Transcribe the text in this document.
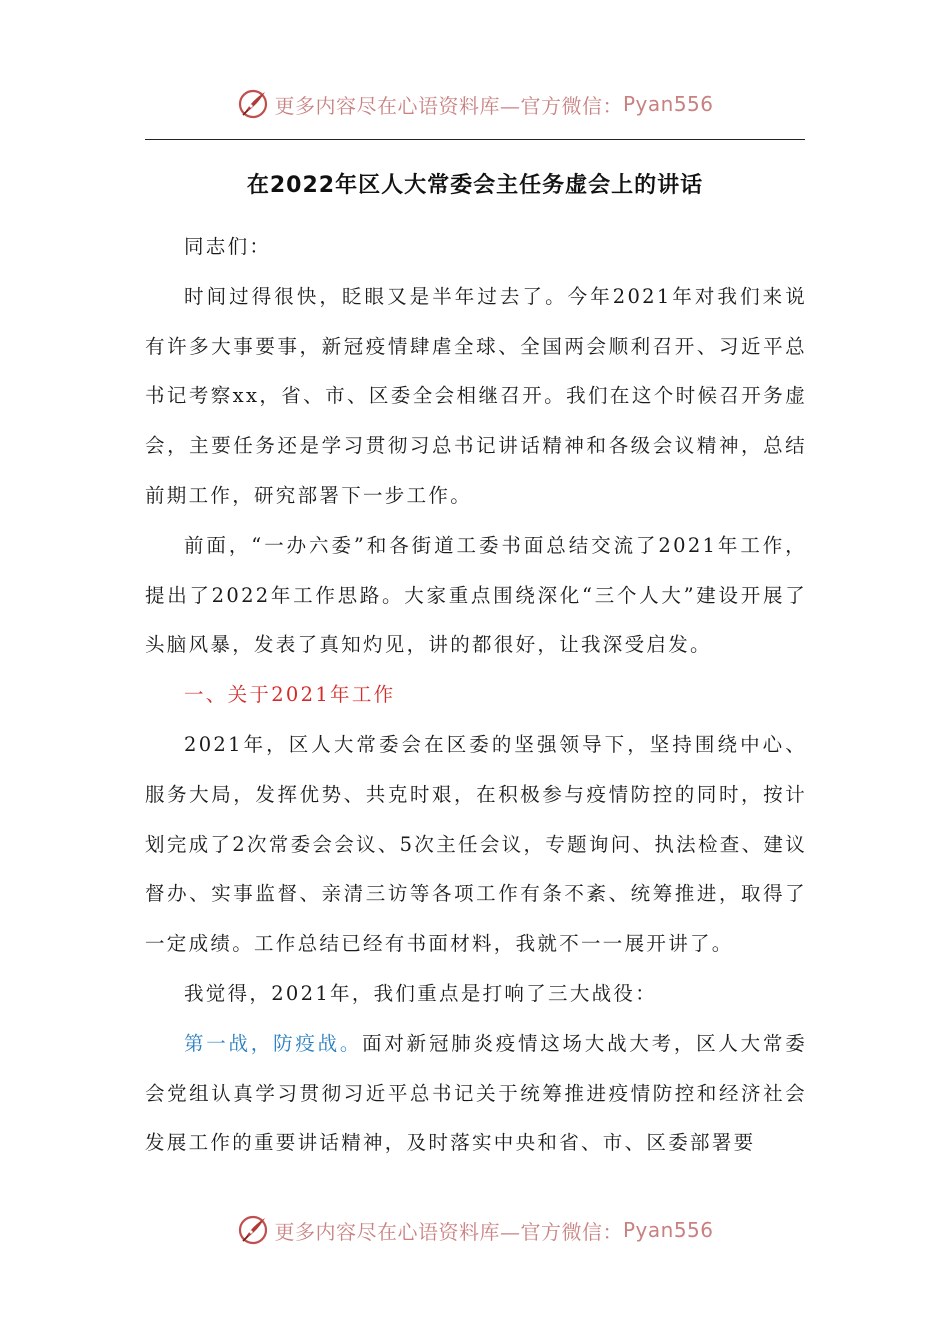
更多内容尽在心语资料库—官方微信： Pyan556
在2022年区人大常委会主任务虚会上的讲话

同志们：

时间过得很快，眨眼又是半年过去了。今年2021年对我们来说有许多大事要事，新冠疫情肆虐全球、全国两会顺利召开、习近平总书记考察xx，省、市、区委全会相继召开。我们在这个时候召开务虚会，主要任务还是学习贯彻习总书记讲话精神和各级会议精神，总结前期工作，研究部署下一步工作。

前面，“一办六委”和各街道工委书面总结交流了2021年工作，提出了2022年工作思路。大家重点围绕深化“三个人大”建设开展了头脑风暴，发表了真知灼见，讲的都很好，让我深受启发。

一、关于2021年工作

2021年，区人大常委会在区委的坚强领导下，坚持围绕中心、服务大局，发挥优势、共克时艰，在积极参与疫情防控的同时，按计划完成了2次常委会会议、5次主任会议，专题询问、执法检查、建议督办、实事监督、亲清三访等各项工作有条不紊、统筹推进，取得了一定成绩。工作总结已经有书面材料，我就不一一展开讲了。

我觉得，2021年，我们重点是打响了三大战役：

第一战，防疫战。面对新冠肺炎疫情这场大战大考，区人大常委会党组认真学习贯彻习近平总书记关于统筹推进疫情防控和经济社会发展工作的重要讲话精神，及时落实中央和省、市、区委部署要

更多内容尽在心语资料库—官方微信： Pyan556
